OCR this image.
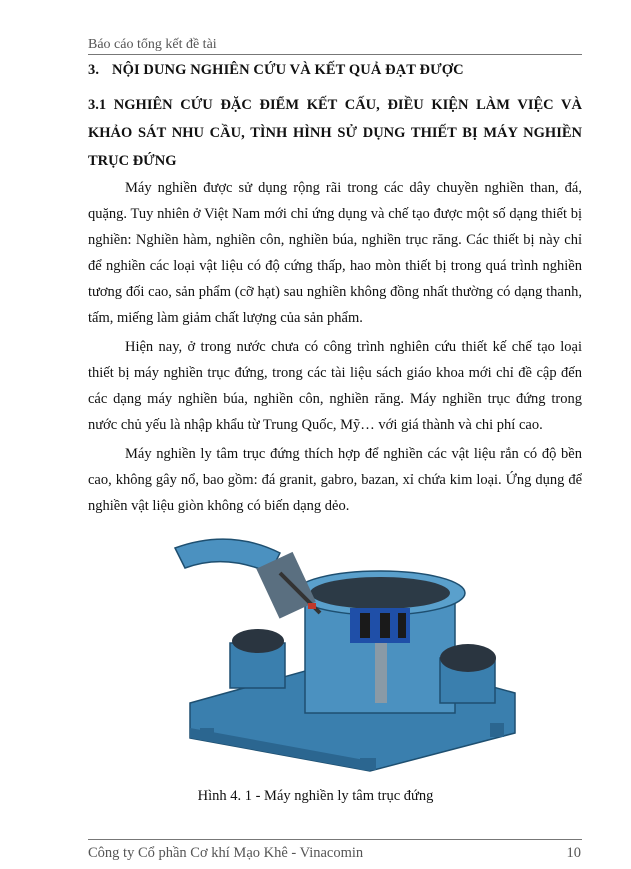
Báo cáo tổng kết đề tài
3. NỘI DUNG NGHIÊN CỨU VÀ KẾT QUẢ ĐẠT ĐƯỢC
3.1 NGHIÊN CỨU ĐẶC ĐIỂM KẾT CẤU, ĐIỀU KIỆN LÀM VIỆC VÀ KHẢO SÁT NHU CẦU, TÌNH HÌNH SỬ DỤNG THIẾT BỊ MÁY NGHIỀN TRỤC ĐỨNG

Máy nghiền được sử dụng rộng rãi trong các dây chuyền nghiền than, đá, quặng. Tuy nhiên ở Việt Nam mới chỉ ứng dụng và chế tạo được một số dạng thiết bị nghiền: Nghiền hàm, nghiền côn, nghiền búa, nghiền trục răng. Các thiết bị này chỉ để nghiền các loại vật liệu có độ cứng thấp, hao mòn thiết bị trong quá trình nghiền tương đối cao, sản phẩm (cỡ hạt) sau nghiền không đồng nhất thường có dạng thanh, tấm, miếng làm giảm chất lượng của sản phẩm.

Hiện nay, ở trong nước chưa có công trình nghiên cứu thiết kế chế tạo loại thiết bị máy nghiền trục đứng, trong các tài liệu sách giáo khoa mới chỉ đề cập đến các dạng máy nghiền búa, nghiền côn, nghiền răng. Máy nghiền trục đứng trong nước chủ yếu là nhập khẩu từ Trung Quốc, Mỹ… với giá thành và chi phí cao.

Máy nghiền ly tâm trục đứng thích hợp để nghiền các vật liệu rắn có độ bền cao, không gây nổ, bao gồm: đá granit, gabro, bazan, xỉ chứa kim loại. Ứng dụng để nghiền vật liệu giòn không có biến dạng dẻo.

Hình 4. 1 - Máy nghiền ly tâm trục đứng
Công ty Cổ phần Cơ khí Mạo Khê - Vinacomin	10
